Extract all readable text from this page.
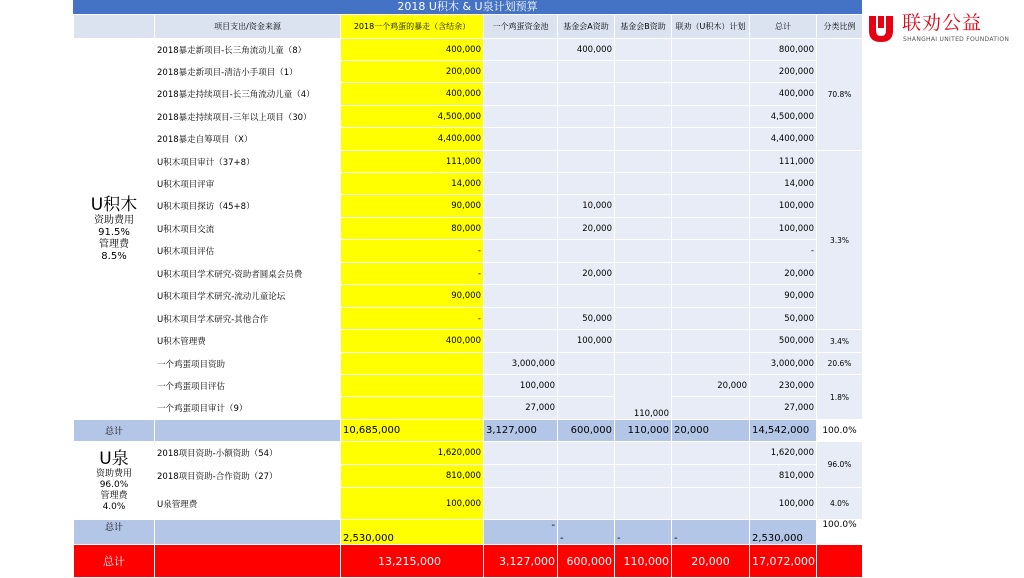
2018 U积木 & U泉计划预算
	项目支出/资金来源	2018一个鸡蛋的暴走（含结余）	一个鸡蛋资金池	基金会A资助	基金会B资助	联劝（U积木）计划	总计	分类比例

U积木
资助费用
91.5%
管理费
8.5%	2018暴走新项目-长三角流动儿童（8）	400,000		400,000			800,000	70.8%
	2018暴走新项目-清洁小手项目（1）	200,000					200,000	
	2018暴走持续项目-长三角流动儿童（4）	400,000					400,000	
	2018暴走持续项目-三年以上项目（30）	4,500,000					4,500,000	
	2018暴走自筹项目（X）	4,400,000					4,400,000	
	U积木项目审计（37+8）	111,000					111,000	3.3%
	U积木项目评审	14,000					14,000	
	U积木项目探访（45+8）	90,000		10,000			100,000	
	U积木项目交流	80,000		20,000			100,000	
	U积木项目评估	-					-	
	U积木项目学术研究-资助者圆桌会员费	-		20,000			20,000	
	U积木项目学术研究-流动儿童论坛	90,000					90,000	
	U积木项目学术研究-其他合作	-		50,000			50,000	
	U积木管理费	400,000		100,000			500,000	3.4%
	一个鸡蛋项目资助		3,000,000				3,000,000	20.6%
	一个鸡蛋项目评估		100,000		110,000	20,000	230,000	1.8%
	一个鸡蛋项目审计（9）		27,000				27,000	
总计		10,685,000	3,127,000	600,000	110,000	20,000	14,542,000	100.0%

U泉
资助费用
96.0%
管理费
4.0%	2018项目资助-小额资助（54）	1,620,000					1,620,000	96.0%
	2018项目资助-合作资助（27）	810,000					810,000	
	U泉管理费	100,000					100,000	4.0%
总计		2,530,000	-	-	-	-	2,530,000	100.0%
总计		13,215,000	3,127,000	600,000	110,000	20,000	17,072,000	
联劝公益
SHANGHAI UNITED FOUNDATION
